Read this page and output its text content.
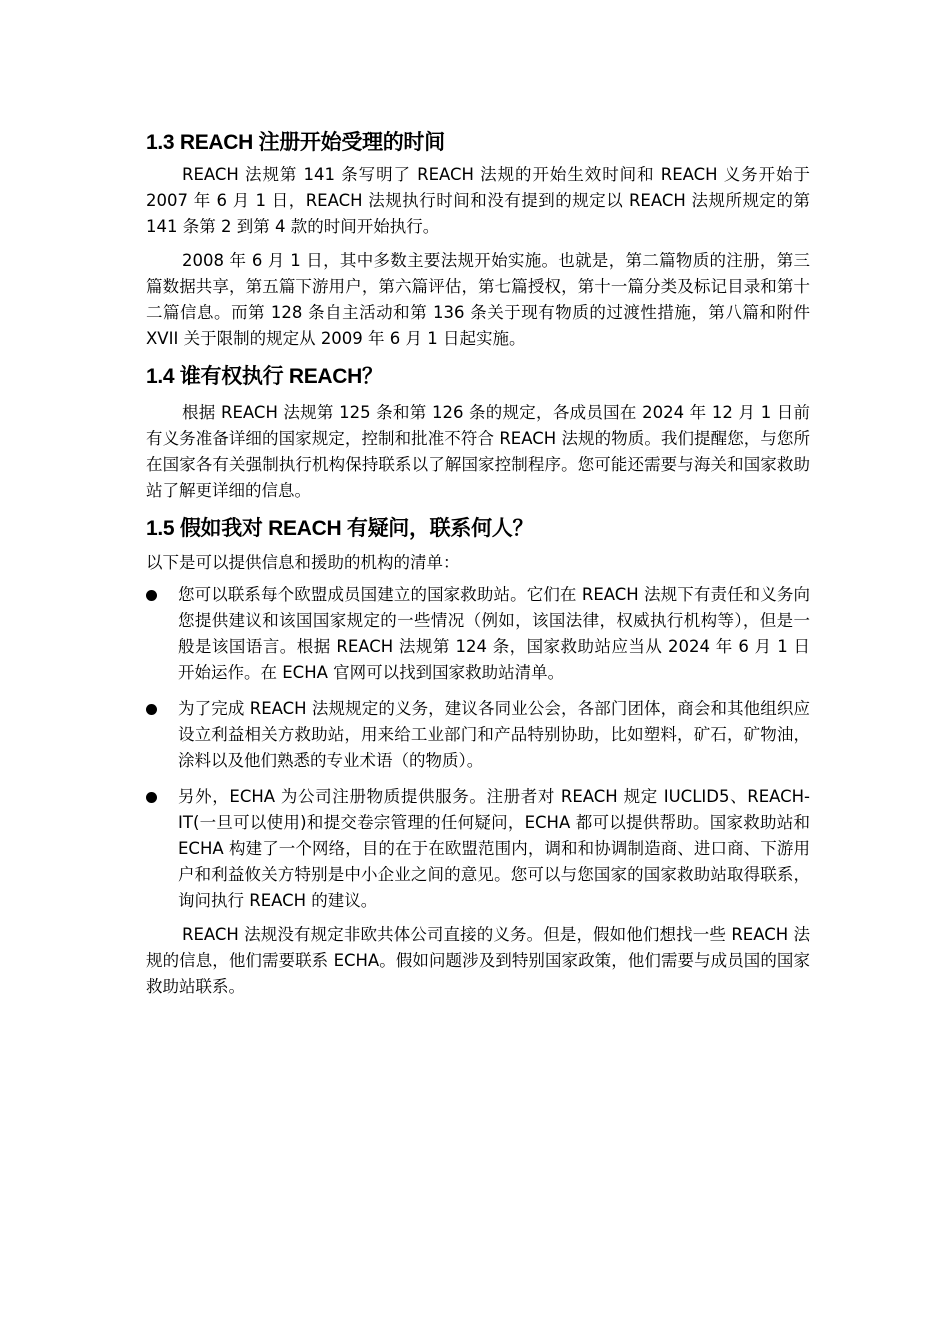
1.3 REACH 注册开始受理的时间

REACH 法规第 141 条写明了 REACH 法规的开始生效时间和 REACH 义务开始于 2007 年 6 月 1 日，REACH 法规执行时间和没有提到的规定以 REACH 法规所规定的第 141 条第 2 到第 4 款的时间开始执行。

2008 年 6 月 1 日，其中多数主要法规开始实施。也就是，第二篇物质的注册，第三篇数据共享，第五篇下游用户，第六篇评估，第七篇授权，第十一篇分类及标记目录和第十二篇信息。而第 128 条自主活动和第 136 条关于现有物质的过渡性措施，第八篇和附件 XVII 关于限制的规定从 2009 年 6 月 1 日起实施。

1.4 谁有权执行 REACH？

根据 REACH 法规第 125 条和第 126 条的规定，各成员国在 2024 年 12 月 1 日前有义务准备详细的国家规定，控制和批准不符合 REACH 法规的物质。我们提醒您，与您所在国家各有关强制执行机构保持联系以了解国家控制程序。您可能还需要与海关和国家救助站了解更详细的信息。

1.5 假如我对 REACH 有疑问，联系何人？

以下是可以提供信息和援助的机构的清单：

您可以联系每个欧盟成员国建立的国家救助站。它们在 REACH 法规下有责任和义务向您提供建议和该国国家规定的一些情况（例如，该国法律，权威执行机构等），但是一般是该国语言。根据 REACH 法规第 124 条，国家救助站应当从 2024 年 6 月 1 日开始运作。在 ECHA 官网可以找到国家救助站清单。
为了完成 REACH 法规规定的义务，建议各同业公会，各部门团体，商会和其他组织应设立利益相关方救助站，用来给工业部门和产品特别协助，比如塑料，矿石，矿物油，涂料以及他们熟悉的专业术语（的物质）。
另外，ECHA 为公司注册物质提供服务。注册者对 REACH 规定 IUCLID5、REACH-IT(一旦可以使用)和提交卷宗管理的任何疑问，ECHA 都可以提供帮助。国家救助站和 ECHA 构建了一个网络，目的在于在欧盟范围内，调和和协调制造商、进口商、下游用户和利益攸关方特别是中小企业之间的意见。您可以与您国家的国家救助站取得联系，询问执行 REACH 的建议。

REACH 法规没有规定非欧共体公司直接的义务。但是，假如他们想找一些 REACH 法规的信息，他们需要联系 ECHA。假如问题涉及到特别国家政策，他们需要与成员国的国家救助站联系。
